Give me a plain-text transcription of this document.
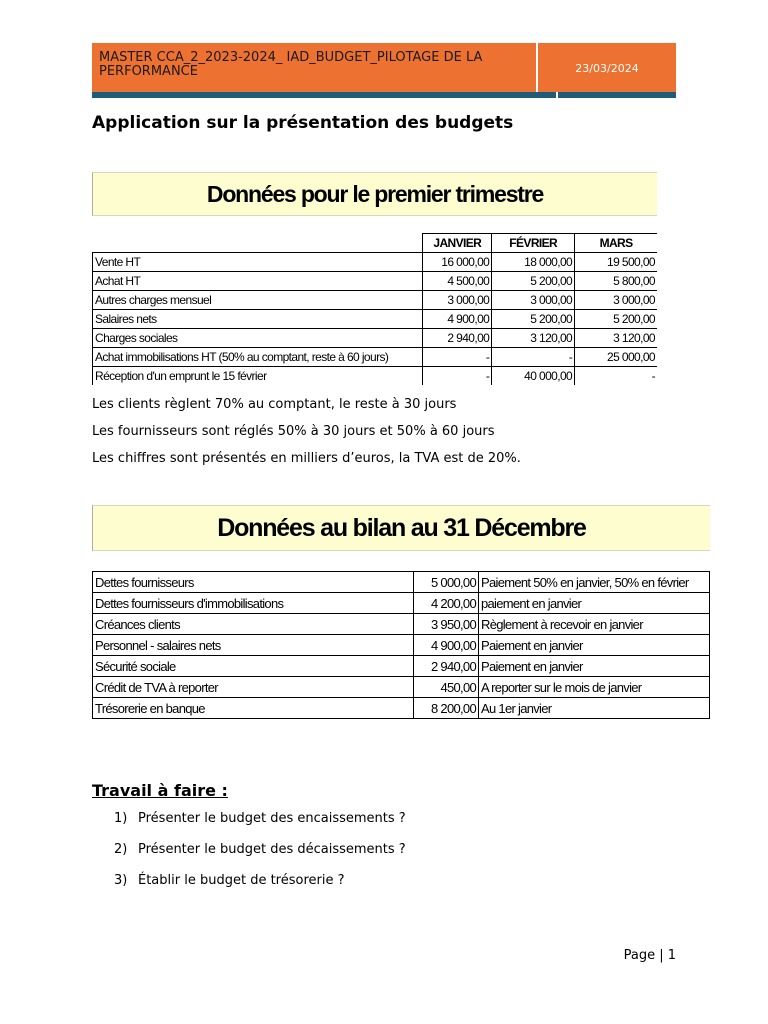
MASTER CCA_2_2023-2024_ IAD_BUDGET_PILOTAGE DE LA PERFORMANCE	23/03/2024
Application sur la présentation des budgets
Données pour le premier trimestre
	JANVIER	FÉVRIER	MARS
Vente HT	16 000,00	18 000,00	19 500,00
Achat HT	4 500,00	5 200,00	5 800,00
Autres charges mensuel	3 000,00	3 000,00	3 000,00
Salaires nets	4 900,00	5 200,00	5 200,00
Charges sociales	2 940,00	3 120,00	3 120,00
Achat immobilisations HT (50% au comptant, reste à 60 jours)	-	-	25 000,00
Réception d'un emprunt le 15 février	-	40 000,00	-
Les clients règlent 70% au comptant, le reste à 30 jours
Les fournisseurs sont réglés 50% à 30 jours et 50% à 60 jours
Les chiffres sont présentés en milliers d’euros, la TVA est de 20%.
Données au bilan au 31 Décembre
Dettes fournisseurs	5 000,00	Paiement 50% en janvier, 50% en février
Dettes fournisseurs d'immobilisations	4 200,00	paiement en janvier
Créances clients	3 950,00	Règlement à recevoir en janvier
Personnel - salaires nets	4 900,00	Paiement en janvier
Sécurité sociale	2 940,00	Paiement en janvier
Crédit de TVA à reporter	450,00	A reporter sur le mois de janvier
Trésorerie en banque	8 200,00	Au 1er janvier
Travail à faire :
1) Présenter le budget des encaissements ?
2) Présenter le budget des décaissements ?
3) Établir le budget de trésorerie ?
Page | 1
